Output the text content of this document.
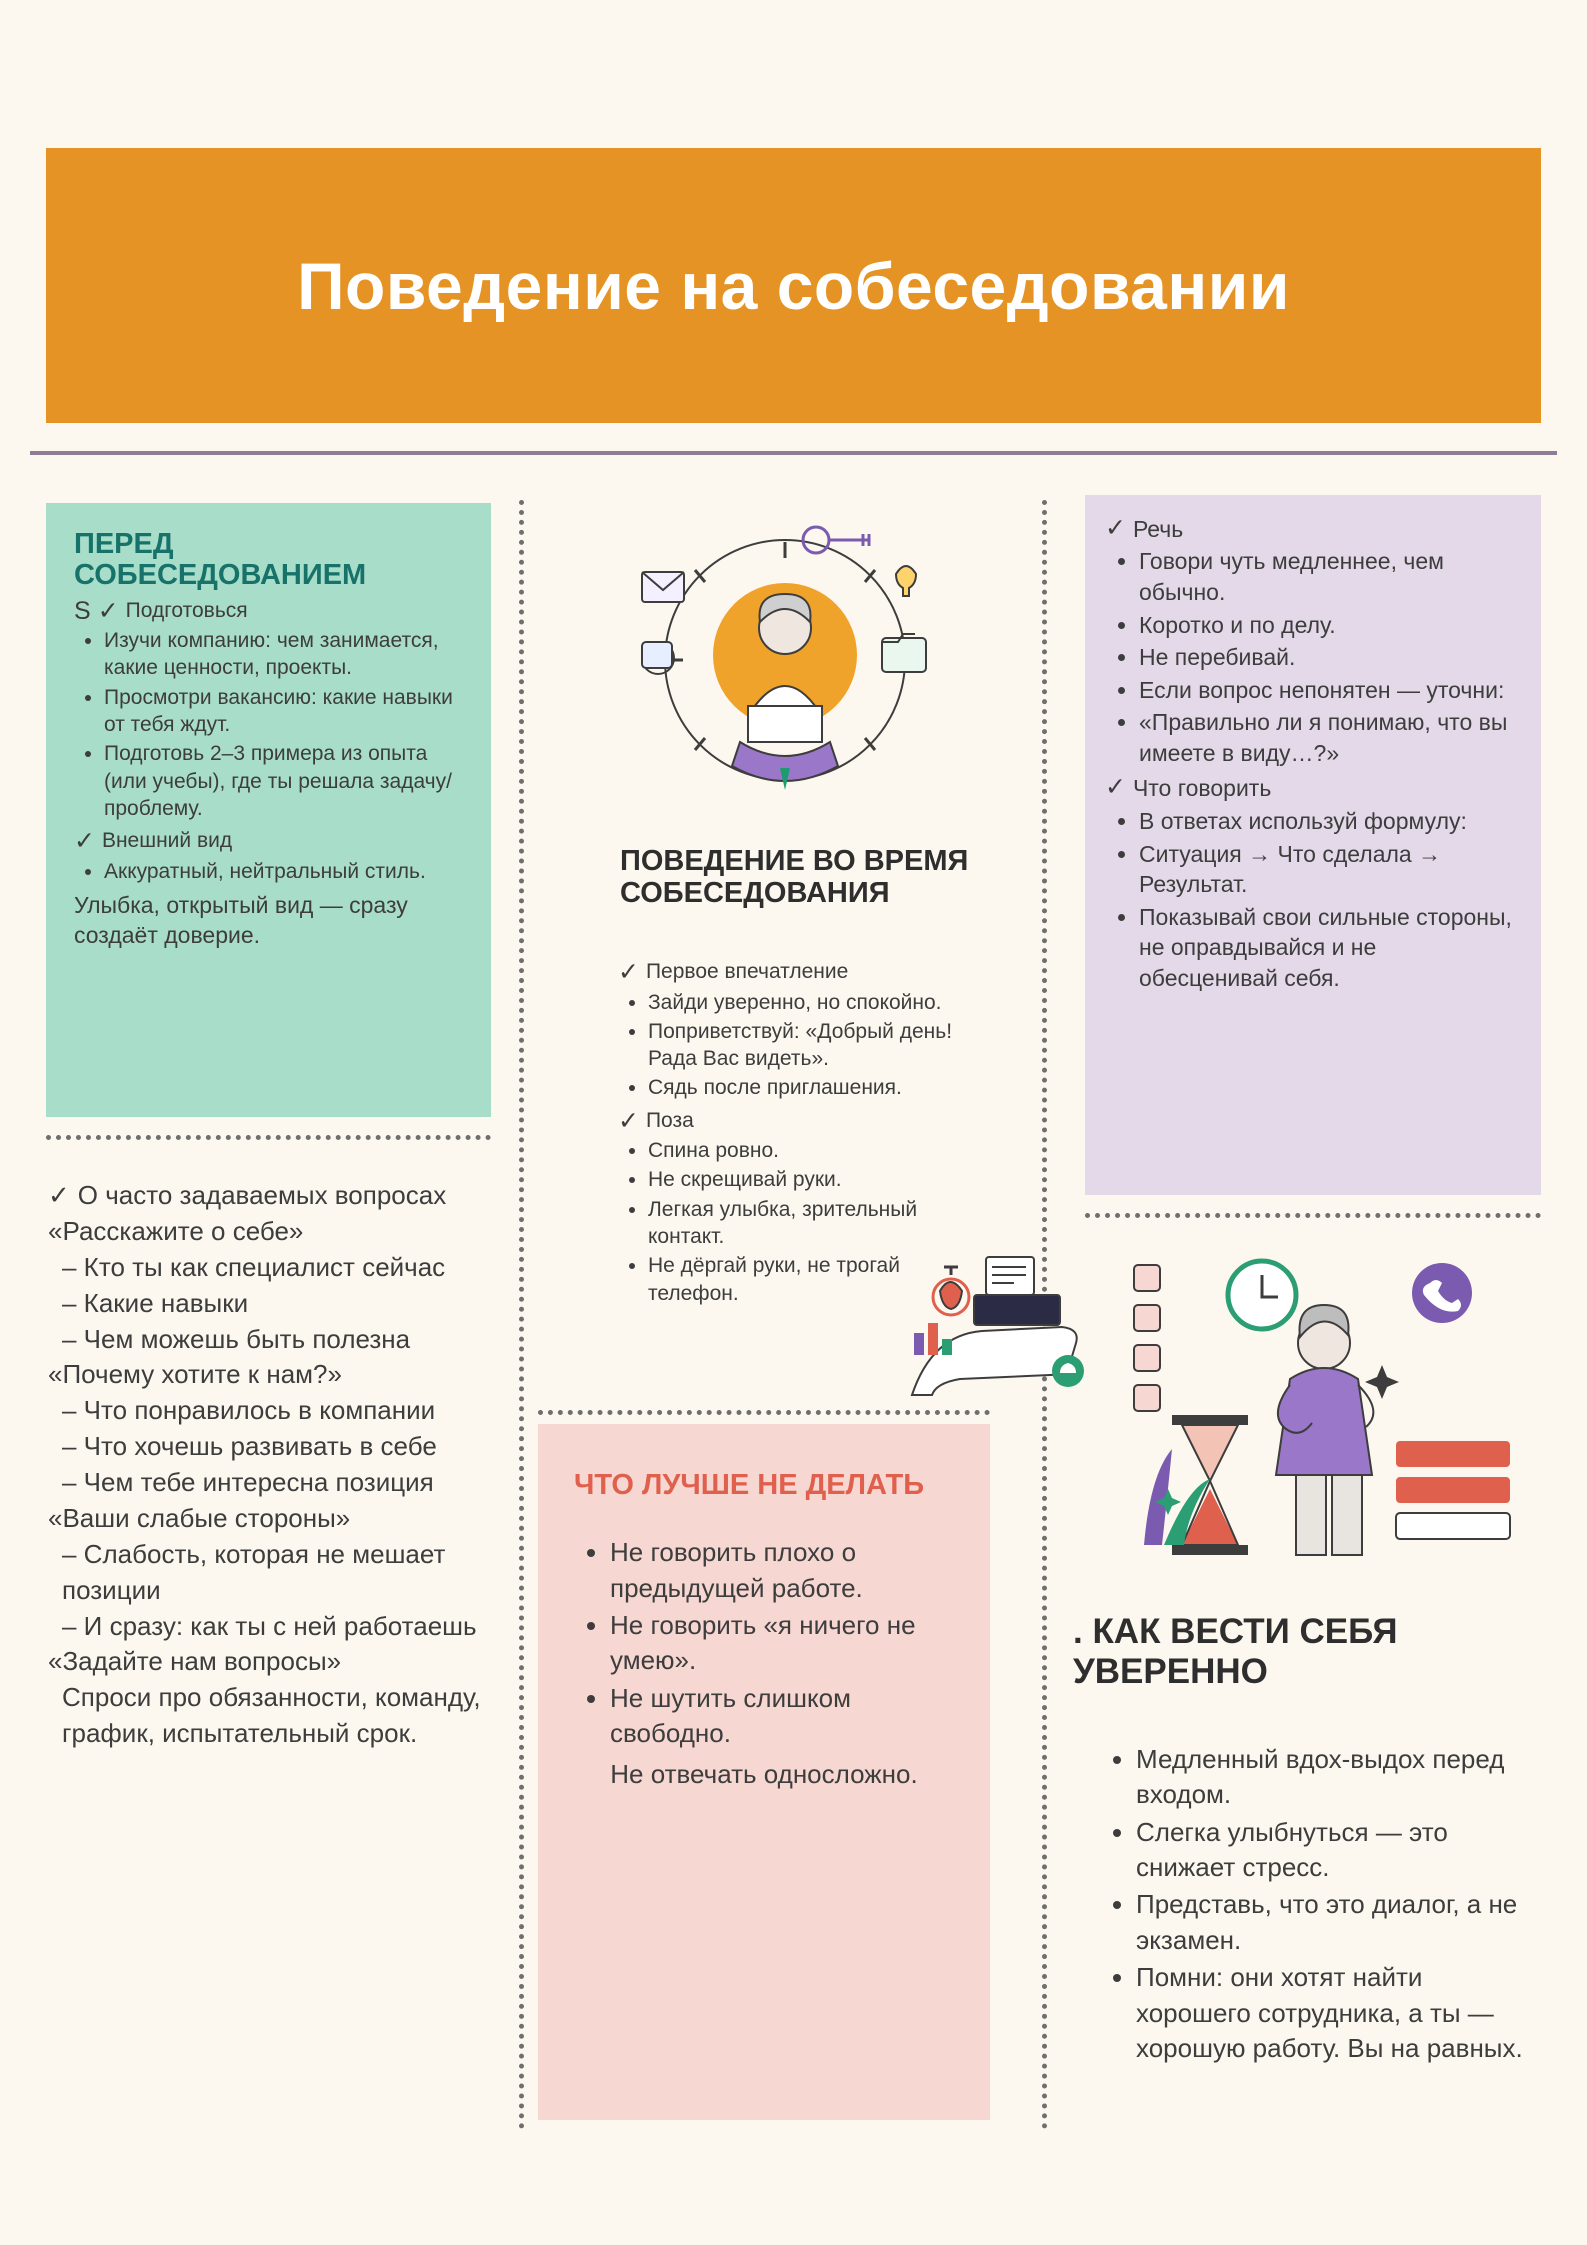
Поведение на собеседовании
ПЕРЕД СОБЕСЕДОВАНИЕМ
S ✓ Подготовься
• Изучи компанию: чем занимается, какие ценности, проекты.
• Просмотри вакансию: какие навыки от тебя ждут.
• Подготовь 2–3 примера из опыта (или учебы), где ты решала задачу/проблему.
✓ Внешний вид
• Аккуратный, нейтральный стиль.
Улыбка, открытый вид — сразу создаёт доверие.
✓ О часто задаваемых вопросах

«Расскажите о себе»

– Кто ты как специалист сейчас

– Какие навыки

– Чем можешь быть полезна

«Почему хотите к нам?»

– Что понравилось в компании

– Что хочешь развивать в себе

– Чем тебе интересна позиция

«Ваши слабые стороны»

– Слабость, которая не мешает позиции

– И сразу: как ты с ней работаешь

«Задайте нам вопросы»

Спроси про обязанности, команду, график, испытательный срок.

ПОВЕДЕНИЕ ВО ВРЕМЯ СОБЕСЕДОВАНИЯ
✓ Первое впечатление
• Зайди уверенно, но спокойно.
• Поприветствуй: «Добрый день! Рада Вас видеть».
• Сядь после приглашения.
✓ Поза
• Спина ровно.
• Не скрещивай руки.
• Легкая улыбка, зрительный контакт.
• Не дёргай руки, не трогай телефон.
ЧТО ЛУЧШЕ НЕ ДЕЛАТЬ
• Не говорить плохо о предыдущей работе.
• Не говорить «я ничего не умею».
• Не шутить слишком свободно.
Не отвечать односложно.
✓ Речь
• Говори чуть медленнее, чем обычно.
• Коротко и по делу.
• Не перебивай.
• Если вопрос непонятен — уточни:
• «Правильно ли я понимаю, что вы имеете в виду…?»
✓ Что говорить
• В ответах используй формулу:
• Ситуация → Что сделала → Результат.
• Показывай свои сильные стороны, не оправдывайся и не обесценивай себя.
. КАК ВЕСТИ СЕБЯ УВЕРЕННО
• Медленный вдох-выдох перед входом.
• Слегка улыбнуться — это снижает стресс.
• Представь, что это диалог, а не экзамен.
• Помни: они хотят найти хорошего сотрудника, а ты — хорошую работу. Вы на равных.
